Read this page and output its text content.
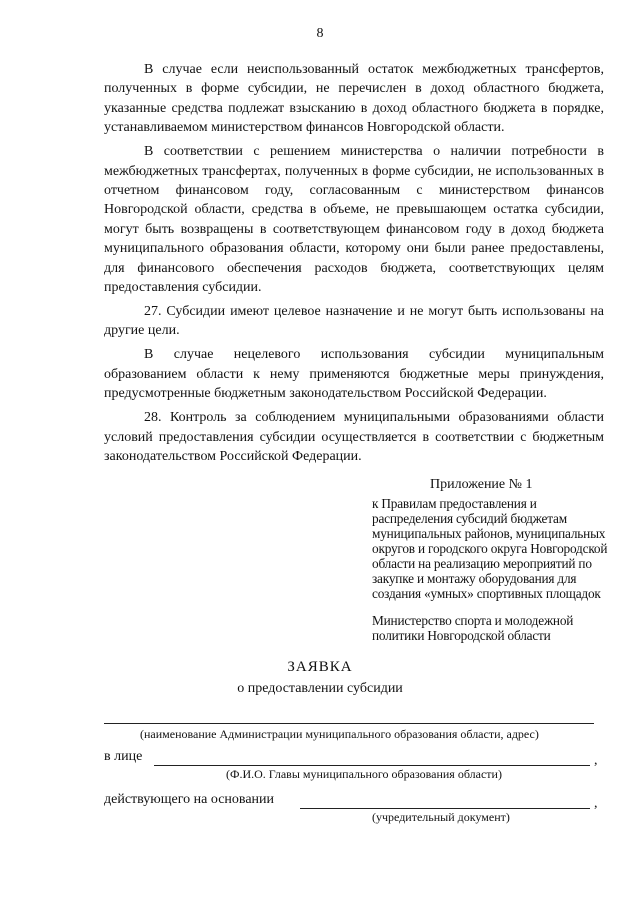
8

В случае если неиспользованный остаток межбюджетных трансфертов, полученных в форме субсидии, не перечислен в доход областного бюджета, указанные средства подлежат взысканию в доход областного бюджета в порядке, устанавливаемом министерством финансов Новгородской области.

В соответствии с решением министерства о наличии потребности в межбюджетных трансфертах, полученных в форме субсидии, не использованных в отчетном финансовом году, согласованным с министерством финансов Новгородской области, средства в объеме, не превышающем остатка субсидии, могут быть возвращены в соответствующем финансовом году в доход бюджета муниципального образования области, которому они были ранее предоставлены, для финансового обеспечения расходов бюджета, соответствующих целям предоставления субсидии.

27. Субсидии имеют целевое назначение и не могут быть использованы на другие цели.

В случае нецелевого использования субсидии муниципальным образованием области к нему применяются бюджетные меры принуждения, предусмотренные бюджетным законодательством Российской Федерации.

28. Контроль за соблюдением муниципальными образованиями области условий предоставления субсидии осуществляется в соответствии с бюджетным законодательством Российской Федерации.

Приложение № 1

к Правилам предоставления и распределения субсидий бюджетам муниципальных районов, муниципальных округов и городского округа Новгородской области на реализацию мероприятий по закупке и монтажу оборудования для создания «умных» спортивных площадок

Министерство спорта и молодежной политики Новгородской области

ЗАЯВКА
о предоставлении субсидии
(наименование Администрации муниципального образования области, адрес)
в лице	,
(Ф.И.О. Главы муниципального образования области)
действующего на основании	,
(учредительный документ)
